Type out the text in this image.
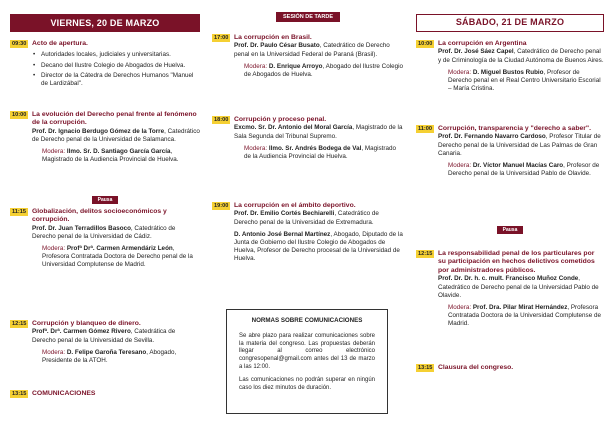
VIERNES, 20 DE MARZO
09:30 Acto de apertura.
• Autoridades locales, judiciales y universitarias.
• Decano del Ilustre Colegio de Abogados de Huelva.
• Director de la Cátedra de Derechos Humanos "Manuel de Lardizábal".
10:00 La evolución del Derecho penal frente al fenómeno de la corrupción.
Prof. Dr. Ignacio Berdugo Gómez de la Torre, Catedrático de Derecho penal de la Universidad de Salamanca.
Modera: Ilmo. Sr. D. Santiago García García, Magistrado de la Audiencia Provincial de Huelva.
Pausa
11:15 Globalización, delitos socioeconómicos y corrupción.
Prof. Dr. Juan Terradillos Basoco, Catedrático de Derecho penal de la Universidad de Cádiz.
Modera: Profª Drª. Carmen Armendáriz León, Profesora Contratada Doctora de Derecho penal de la Universidad Complutense de Madrid.
12:15 Corrupción y blanqueo de dinero.
Profª. Drª. Carmen Gómez Rivero, Catedrática de Derecho penal de la Universidad de Sevilla.
Modera: D. Felipe Garoña Teresano, Abogado, Presidente de la ATOH.
13:15 COMUNICACIONES
SESIÓN DE TARDE
17:00 La corrupción en Brasil.
Prof. Dr. Paulo César Busato, Catedrático de Derecho penal en la Universidad Federal de Paraná (Brasil).
Modera: D. Enrique Arroyo, Abogado del Ilustre Colegio de Abogados de Huelva.
18:00 Corrupción y proceso penal.
Excmo. Sr. Dr. Antonio del Moral García, Magistrado de la Sala Segunda del Tribunal Supremo.
Modera: Ilmo. Sr. Andrés Bodega de Val, Magistrado de la Audiencia Provincial de Huelva.
19:00 La corrupción en el ámbito deportivo.
Prof. Dr. Emilio Cortés Bechiarelli, Catedrático de Derecho penal de la Universidad de Extremadura.
D. Antonio José Bernal Martínez, Abogado, Diputado de la Junta de Gobierno del Ilustre Colegio de Abogados de Huelva, Profesor de Derecho procesal de la Universidad de Huelva.
NORMAS SOBRE COMUNICACIONES

Se abre plazo para realizar comunicaciones sobre la materia del congreso. Las propuestas deberán llegar al correo electrónico congresopenal@gmail.com antes del 13 de marzo a las 12:00.

Las comunicaciones no podrán superar en ningún caso los diez minutos de duración.

SÁBADO, 21 DE MARZO
10:00 La corrupción en Argentina
Prof. Dr. José Sáez Capel, Catedrático de Derecho penal y de Criminología de la Ciudad Autónoma de Buenos Aires.
Modera: D. Miguel Bustos Rubio, Profesor de Derecho penal en el Real Centro Universitario Escorial – María Cristina.
11:00 Corrupción, transparencia y "derecho a saber".
Prof. Dr. Fernando Navarro Cardoso, Profesor Titular de Derecho penal de la Universidad de Las Palmas de Gran Canaria.
Modera: Dr. Víctor Manuel Macías Caro, Profesor de Derecho penal de la Universidad Pablo de Olavide.
Pausa
12:15 La responsabilidad penal de los particulares por su participación en hechos delictivos cometidos por administradores públicos.
Prof. Dr. Dr. h. c. mult. Francisco Muñoz Conde, Catedrático de Derecho penal de la Universidad Pablo de Olavide.
Modera: Prof. Dra. Pilar Mirat Hernández, Profesora Contratada Doctora de la Universidad Complutense de Madrid.
13:15 Clausura del congreso.
